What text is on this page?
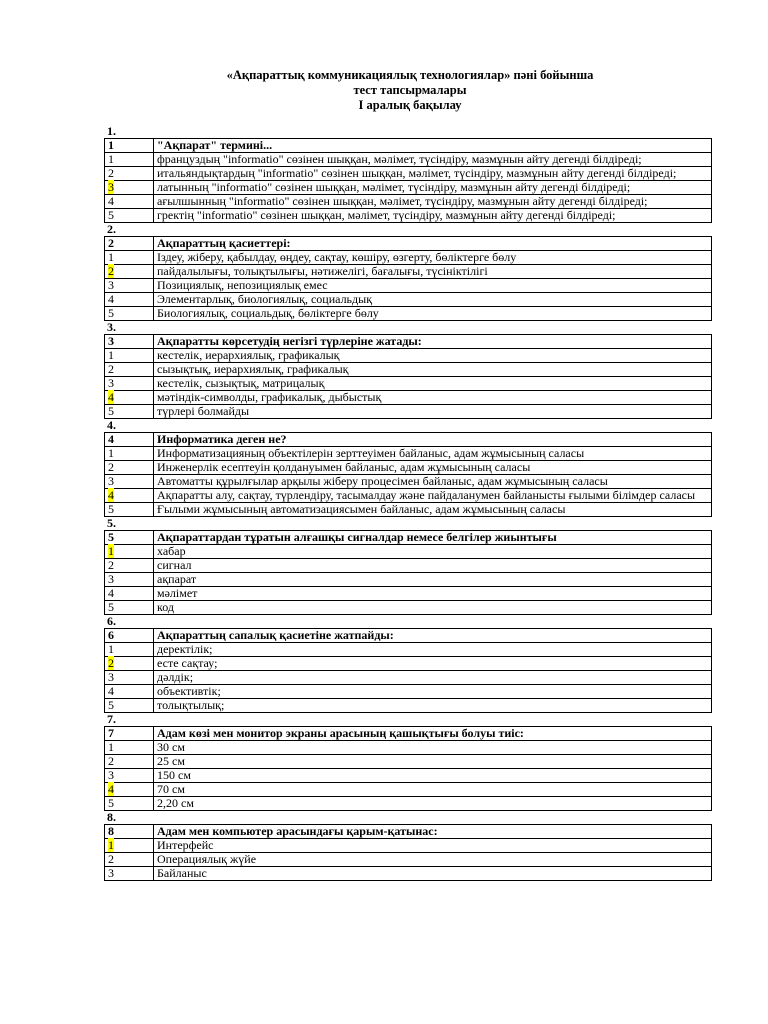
«Ақпараттық коммуникациялық технологиялар» пәні бойынша
тест тапсырмалары
І аралық бақылау
1.
1	"Ақпарат" термині...
1	француздың "informatio" сөзінен шыққан, мәлімет, түсіндіру, мазмұнын айту дегенді білдіреді;
2	итальяндықтардың "informatio" сөзінен шыққан, мәлімет, түсіндіру, мазмұнын айту дегенді білдіреді;
3	латынның "informatio" сөзінен шыққан, мәлімет, түсіндіру, мазмұнын айту дегенді білдіреді;
4	ағылшынның "informatio" сөзінен шыққан, мәлімет, түсіндіру, мазмұнын айту дегенді білдіреді;
5	гректің "informatio" сөзінен шыққан, мәлімет, түсіндіру, мазмұнын айту дегенді білдіреді;
2.
2	Ақпараттың қасиеттері:
1	Іздеу, жіберу, қабылдау, өңдеу, сақтау, көшіру, өзгерту, бөліктерге бөлу
2	пайдалылығы, толықтылығы, нәтижелігі, бағалығы, түсініктілігі
3	Позициялық, непозициялық емес
4	Элементарлық, биологиялық, социальдық
5	Биологиялық, социальдық, бөліктерге бөлу
3.
3	Ақпаратты көрсетудің негізгі түрлеріне жатады:
1	кестелік, иерархиялық, графикалық
2	сызықтық, иерархиялық, графикалық
3	кестелік, сызықтық, матрицалық
4	мәтіндік-символды, графикалық, дыбыстық
5	түрлері болмайды
4.
4	Информатика деген не?
1	Информатизацияның объектілерін зерттеуімен байланыс, адам жұмысының саласы
2	Инженерлік есептеуін қолдануымен байланыс, адам жұмысының саласы
3	Автоматты құрылғылар арқылы жіберу процесімен байланыс, адам жұмысының саласы
4	Ақпаратты алу, сақтау, түрлендіру, тасымалдау және пайдаланумен байланысты ғылыми білімдер саласы
5	Ғылыми жұмысының автоматизациясымен байланыс, адам жұмысының саласы
5.
5	Ақпараттардан тұратын алғашқы сигналдар немесе белгілер жиынтығы
1	хабар
2	сигнал
3	ақпарат
4	мәлімет
5	код
6.
6	Ақпараттың сапалық қасиетіне жатпайды:
1	деректілік;
2	есте сақтау;
3	дәлдік;
4	объективтік;
5	толықтылық;
7.
7	Адам көзі мен монитор экраны арасының қашықтығы болуы тиіс:
1	30 см
2	25 см
3	150 см
4	70 см
5	2,20 см
8.
8	Адам мен компьютер арасындағы қарым-қатынас:
1	Интерфейс
2	Операциялық жүйе
3	Байланыс
